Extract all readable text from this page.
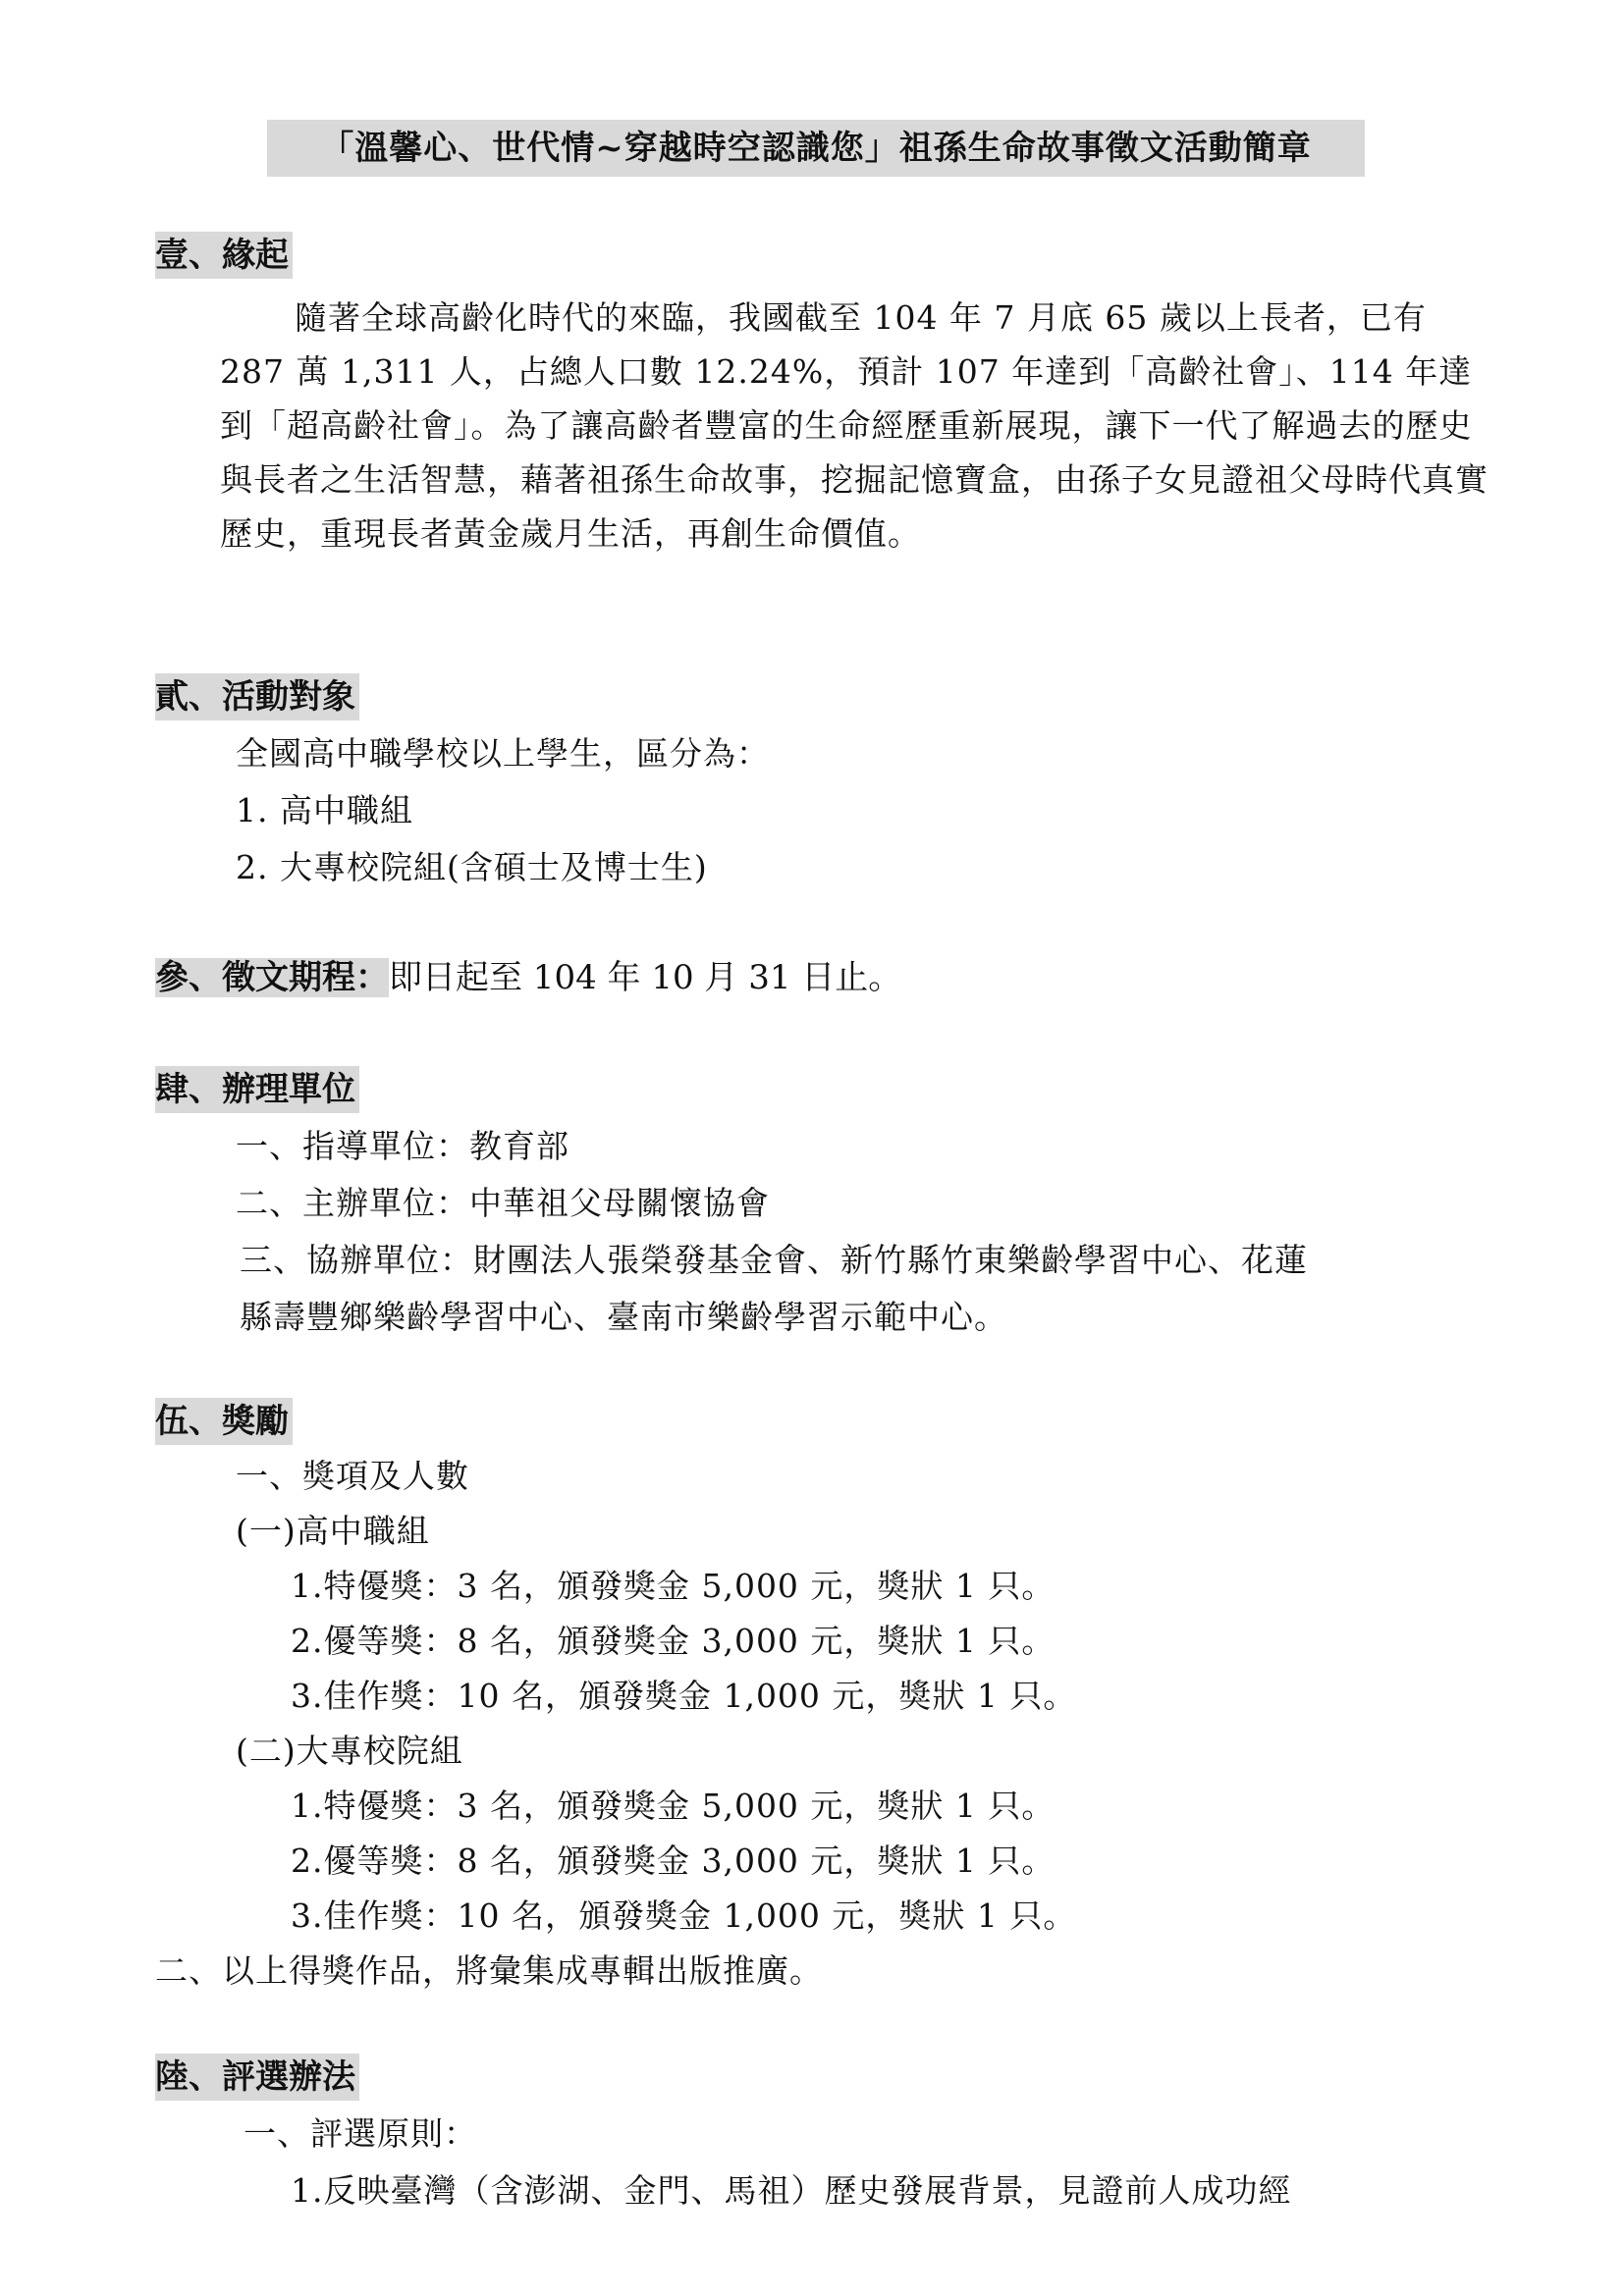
「溫馨心、世代情~穿越時空認識您」祖孫生命故事徵文活動簡章
壹、緣起
隨著全球高齡化時代的來臨，我國截至 104 年 7 月底 65 歲以上長者，已有 287 萬 1,311 人，占總人口數 12.24%，預計 107 年達到「高齡社會」、114 年達到「超高齡社會」。為了讓高齡者豐富的生命經歷重新展現，讓下一代了解過去的歷史與長者之生活智慧，藉著祖孫生命故事，挖掘記憶寶盒，由孫子女見證祖父母時代真實歷史，重現長者黃金歲月生活，再創生命價值。
貳、活動對象
全國高中職學校以上學生，區分為：
1. 高中職組
2. 大專校院組(含碩士及博士生)
參、徵文期程：即日起至 104 年 10 月 31 日止。
肆、辦理單位
一、指導單位：教育部
二、主辦單位：中華祖父母關懷協會
三、協辦單位：財團法人張榮發基金會、新竹縣竹東樂齡學習中心、花蓮
縣壽豐鄉樂齡學習中心、臺南市樂齡學習示範中心。
伍、獎勵
一、獎項及人數
(一)高中職組
1.特優獎：3 名，頒發獎金 5,000 元，獎狀 1 只。
2.優等獎：8 名，頒發獎金 3,000 元，獎狀 1 只。
3.佳作獎：10 名，頒發獎金 1,000 元，獎狀 1 只。
(二)大專校院組
1.特優獎：3 名，頒發獎金 5,000 元，獎狀 1 只。
2.優等獎：8 名，頒發獎金 3,000 元，獎狀 1 只。
3.佳作獎：10 名，頒發獎金 1,000 元，獎狀 1 只。
二、以上得獎作品，將彙集成專輯出版推廣。
陸、評選辦法
一、評選原則：
1.反映臺灣（含澎湖、金門、馬祖）歷史發展背景，見證前人成功經
